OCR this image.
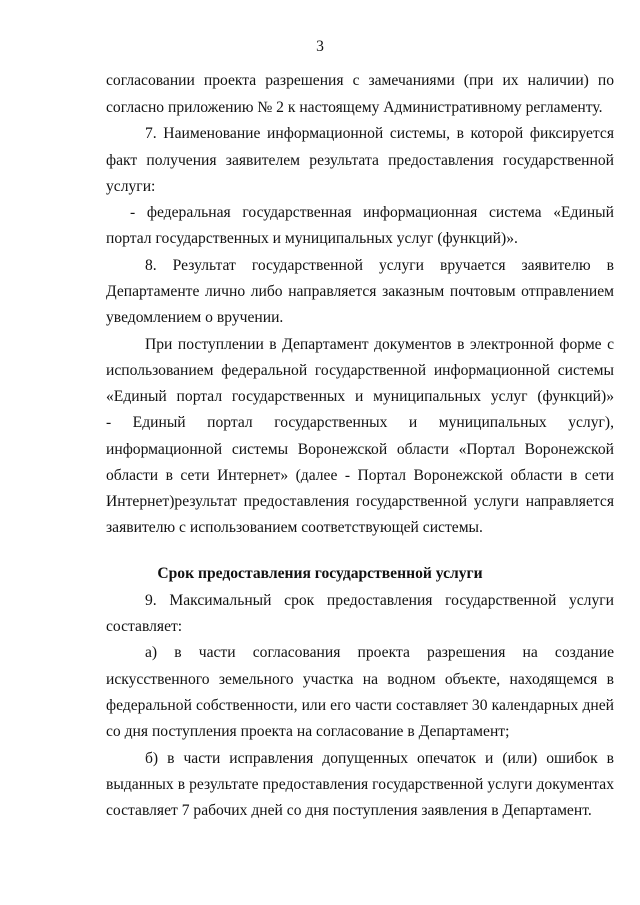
3
согласовании проекта разрешения с замечаниями (при их наличии) по
согласно приложению № 2 к настоящему Административному регламенту.
7. Наименование информационной системы, в которой фиксируется
факт получения заявителем результата предоставления государственной
услуги:
- федеральная государственная информационная система «Единый
портал государственных и муниципальных услуг (функций)».
8. Результат государственной услуги вручается заявителю в
Департаменте лично либо направляется заказным почтовым отправлением
уведомлением о вручении.
При поступлении в Департамент документов в электронной форме с
использованием федеральной государственной информационной системы
«Единый портал государственных и муниципальных услуг (функций)»
- Единый портал государственных и муниципальных услуг),
информационной системы Воронежской области «Портал Воронежской
области в сети Интернет» (далее - Портал Воронежской области в сети
Интернет)результат предоставления государственной услуги направляется
заявителю с использованием соответствующей системы.
Срок предоставления государственной услуги
9. Максимальный срок предоставления государственной услуги
составляет:
а) в части согласования проекта разрешения на создание
искусственного земельного участка на водном объекте, находящемся в
федеральной собственности, или его части составляет 30 календарных дней
со дня поступления проекта на согласование в Департамент;
б) в части исправления допущенных опечаток и (или) ошибок в
выданных в результате предоставления государственной услуги документах
составляет 7 рабочих дней со дня поступления заявления в Департамент.
